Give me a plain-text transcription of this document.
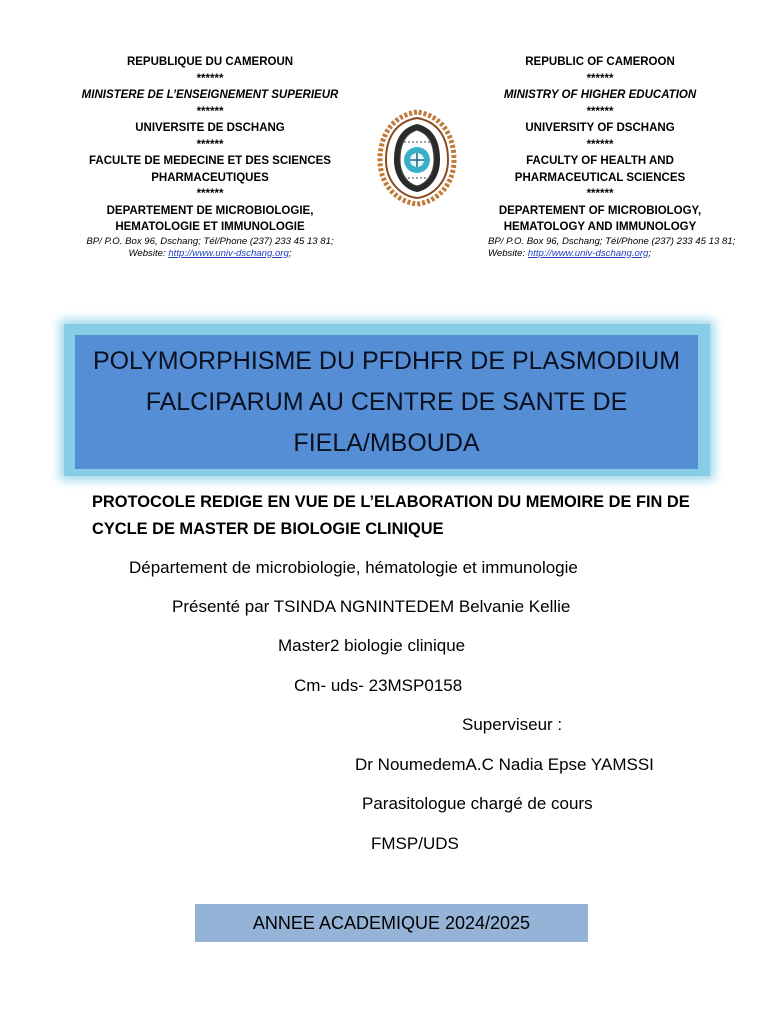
REPUBLIQUE DU CAMEROUN
******
MINISTERE DE L’ENSEIGNEMENT SUPERIEUR
******
UNIVERSITE DE DSCHANG
******
FACULTE DE MEDECINE ET DES SCIENCES PHARMACEUTIQUES
******
DEPARTEMENT DE MICROBIOLOGIE, HEMATOLOGIE ET IMMUNOLOGIE
BP/ P.O. Box 96, Dschang; Tél/Phone (237) 233 45 13 81;
Website: http://www.univ-dschang.org;
REPUBLIC OF CAMEROON
******
MINISTRY OF HIGHER EDUCATION
******
UNIVERSITY OF DSCHANG
******
FACULTY OF HEALTH AND PHARMACEUTICAL SCIENCES
******
DEPARTEMENT OF MICROBIOLOGY, HEMATOLOGY AND IMMUNOLOGY
BP/ P.O. Box 96, Dschang; Tél/Phone (237) 233 45 13 81;
Website: http://www.univ-dschang.org;
POLYMORPHISME DU PFDHFR DE PLASMODIUM
FALCIPARUM AU CENTRE DE SANTE DE
FIELA/MBOUDA
PROTOCOLE REDIGE EN VUE DE L’ELABORATION DU MEMOIRE DE FIN DE CYCLE DE MASTER DE BIOLOGIE CLINIQUE
Département de microbiologie, hématologie et immunologie
Présenté par TSINDA NGNINTEDEM Belvanie Kellie
Master2 biologie clinique
Cm- uds- 23MSP0158
Superviseur :
Dr NoumedemA.C Nadia Epse YAMSSI
Parasitologue chargé de cours
FMSP/UDS
ANNEE ACADEMIQUE 2024/2025
